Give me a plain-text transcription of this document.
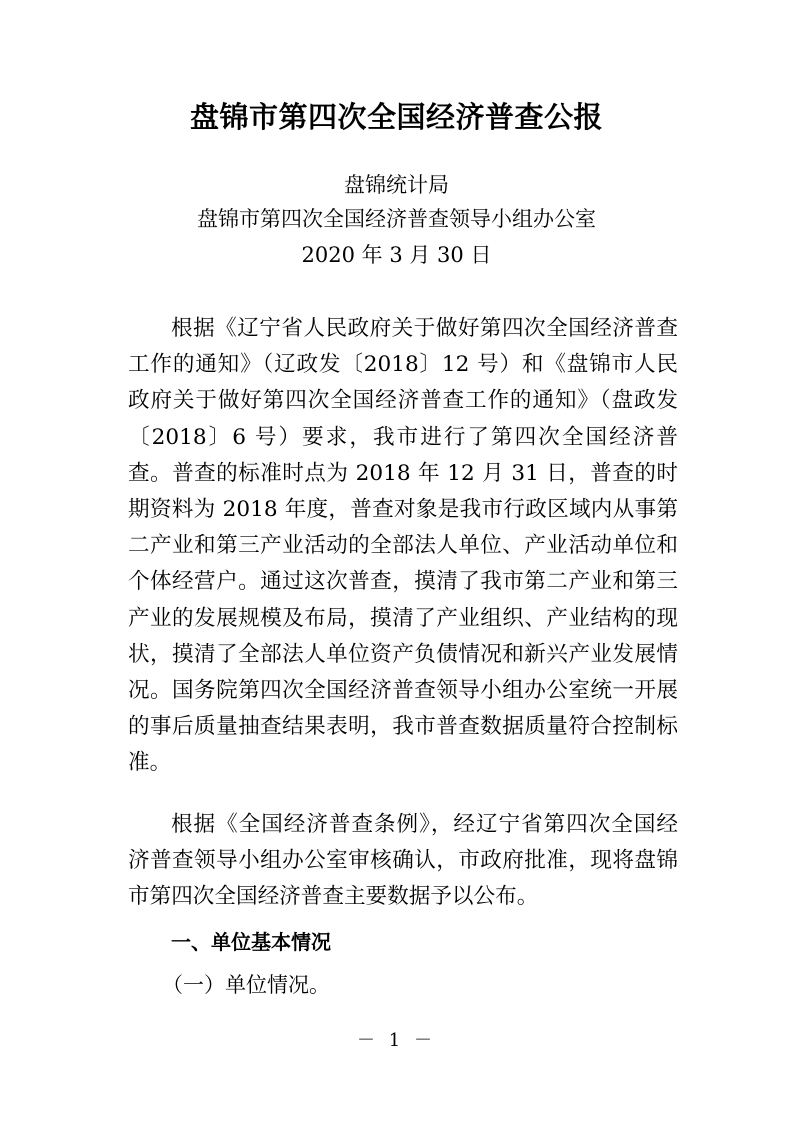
盘锦市第四次全国经济普查公报
盘锦统计局
盘锦市第四次全国经济普查领导小组办公室
2020 年 3 月 30 日

根据《辽宁省人民政府关于做好第四次全国经济普查工作的通知》（辽政发〔2018〕12 号）和《盘锦市人民政府关于做好第四次全国经济普查工作的通知》（盘政发〔2018〕6 号）要求，我市进行了第四次全国经济普查。普查的标准时点为 2018 年 12 月 31 日，普查的时期资料为 2018 年度，普查对象是我市行政区域内从事第二产业和第三产业活动的全部法人单位、产业活动单位和个体经营户。通过这次普查，摸清了我市第二产业和第三产业的发展规模及布局，摸清了产业组织、产业结构的现状，摸清了全部法人单位资产负债情况和新兴产业发展情况。国务院第四次全国经济普查领导小组办公室统一开展的事后质量抽查结果表明，我市普查数据质量符合控制标准。

根据《全国经济普查条例》，经辽宁省第四次全国经济普查领导小组办公室审核确认，市政府批准，现将盘锦市第四次全国经济普查主要数据予以公布。

一、单位基本情况
（一）单位情况。
－ 1 －
